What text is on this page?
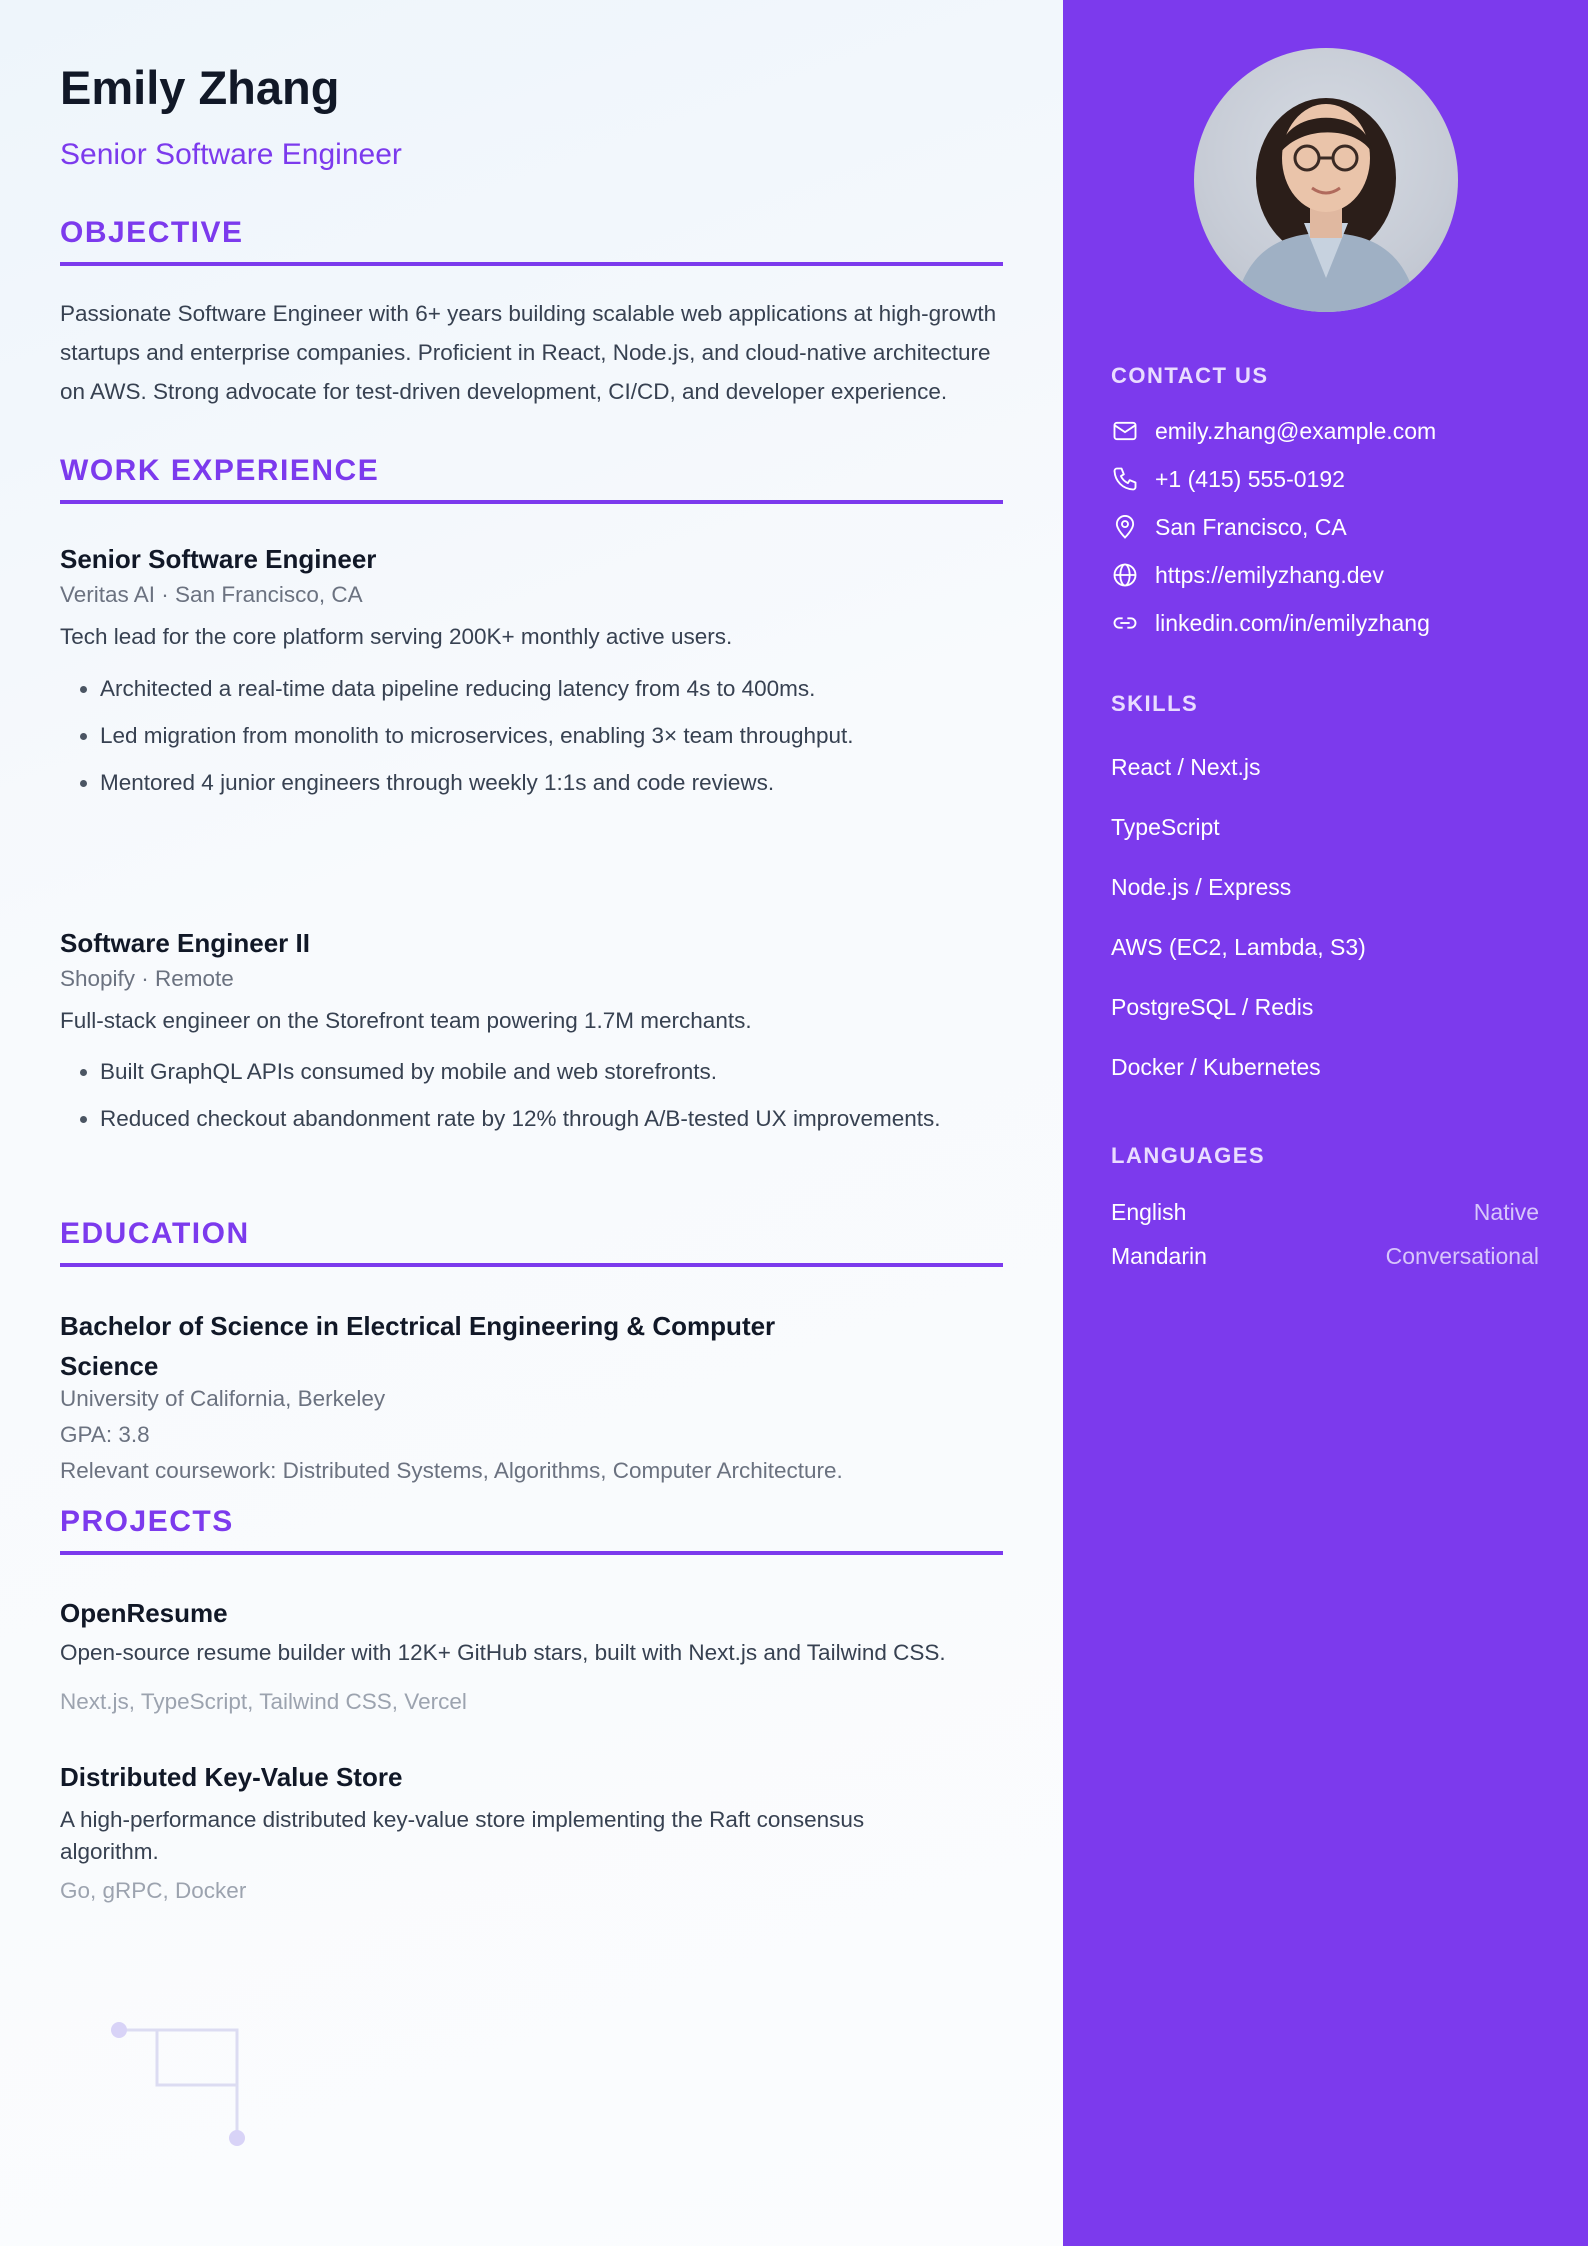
Emily Zhang
Senior Software Engineer
OBJECTIVE

Passionate Software Engineer with 6+ years building scalable web applications at high-growth startups and enterprise companies. Proficient in React, Node.js, and cloud-native architecture on AWS. Strong advocate for test-driven development, CI/CD, and developer experience.

WORK EXPERIENCE
Senior Software Engineer
Veritas AI · San Francisco, CA
Tech lead for the core platform serving 200K+ monthly active users.
• Architected a real-time data pipeline reducing latency from 4s to 400ms.
• Led migration from monolith to microservices, enabling 3× team throughput.
• Mentored 4 junior engineers through weekly 1:1s and code reviews.
Software Engineer II
Shopify · Remote
Full-stack engineer on the Storefront team powering 1.7M merchants.
• Built GraphQL APIs consumed by mobile and web storefronts.
• Reduced checkout abandonment rate by 12% through A/B-tested UX improvements.
EDUCATION
Bachelor of Science in Electrical Engineering & Computer Science
University of California, Berkeley
GPA: 3.8
Relevant coursework: Distributed Systems, Algorithms, Computer Architecture.
PROJECTS
OpenResume
Open-source resume builder with 12K+ GitHub stars, built with Next.js and Tailwind CSS.
Next.js, TypeScript, Tailwind CSS, Vercel
Distributed Key-Value Store
A high-performance distributed key-value store implementing the Raft consensus algorithm.
Go, gRPC, Docker
CONTACT US
emily.zhang@example.com
+1 (415) 555-0192
San Francisco, CA
https://emilyzhang.dev
linkedin.com/in/emilyzhang
SKILLS
React / Next.js
TypeScript
Node.js / Express
AWS (EC2, Lambda, S3)
PostgreSQL / Redis
Docker / Kubernetes
LANGUAGES
English	Native
Mandarin	Conversational
